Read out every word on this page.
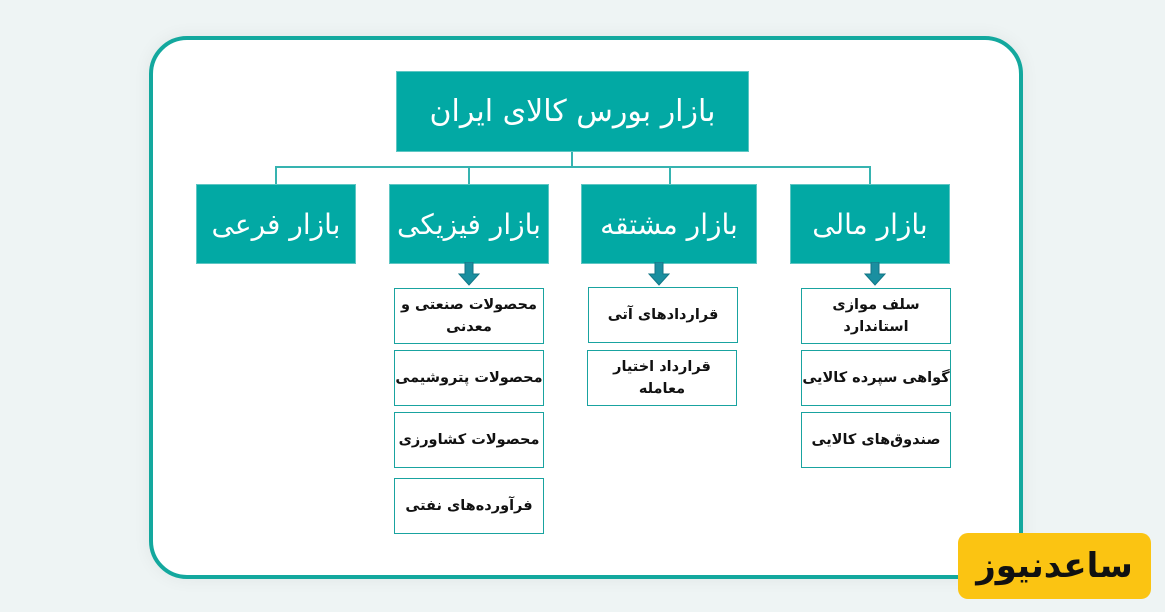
بازار بورس کالای ایران
بازار فرعی	بازار فیزیکی	بازار مشتقه	بازار مالی
محصولات صنعتی و معدنی
محصولات پتروشیمی
محصولات کشاورزی
فرآورده‌های نفتی
قراردادهای آتی
قرارداد اختیار معامله
سلف موازی استاندارد
گواهی سپرده کالایی
صندوق‌های کالایی
ساعدنیوز
